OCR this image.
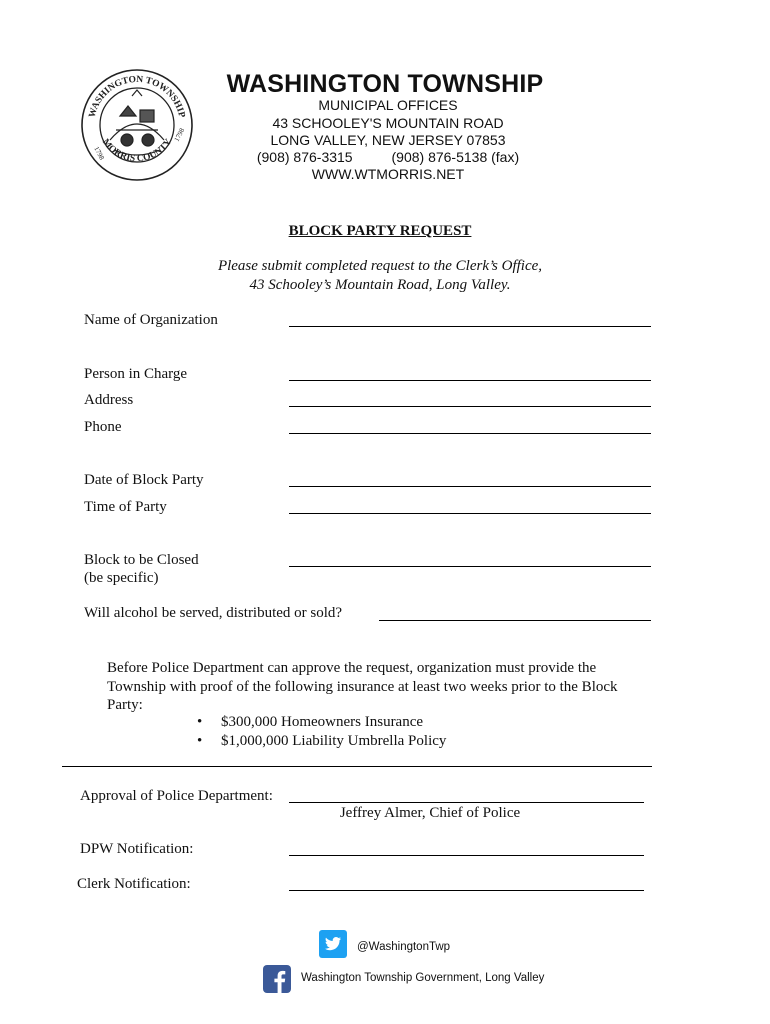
WASHINGTON TOWNSHIP
MORRIS COUNTY
1798
1798
WASHINGTON TOWNSHIP
MUNICIPAL OFFICES
43 SCHOOLEY'S MOUNTAIN ROAD
LONG VALLEY, NEW JERSEY 07853
(908) 876-3315          (908) 876-5138 (fax)
WWW.WTMORRIS.NET
BLOCK PARTY REQUEST
Please submit completed request to the Clerk’s Office,
43 Schooley’s Mountain Road, Long Valley.
Name of Organization
Person in Charge
Address
Phone
Date of Block Party
Time of Party
Block to be Closed
(be specific)
Will alcohol be served, distributed or sold?
Before Police Department can approve the request, organization must provide the
Township with proof of the following insurance at least two weeks prior to the Block
Party:
• $300,000 Homeowners Insurance
• $1,000,000 Liability Umbrella Policy
Approval of Police Department:
Jeffrey Almer, Chief of Police
DPW Notification:
Clerk Notification:
@WashingtonTwp
Washington Township Government, Long Valley
